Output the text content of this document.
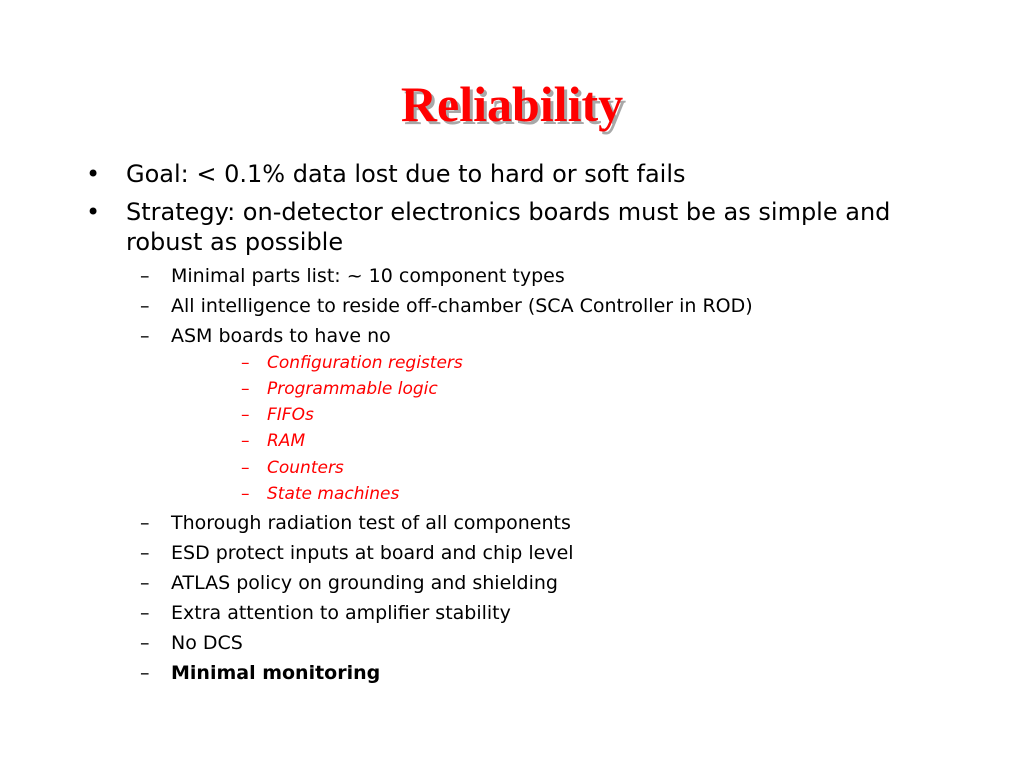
Reliability
• Goal: < 0.1% data lost due to hard or soft fails
• Strategy: on-detector electronics boards must be as simple and robust as possible
– Minimal parts list: ~ 10 component types
– All intelligence to reside off-chamber (SCA Controller in ROD)
– ASM boards to have no
– Configuration registers
– Programmable logic
– FIFOs
– RAM
– Counters
– State machines
– Thorough radiation test of all components
– ESD protect inputs at board and chip level
– ATLAS policy on grounding and shielding
– Extra attention to amplifier stability
– No DCS
– Minimal monitoring
